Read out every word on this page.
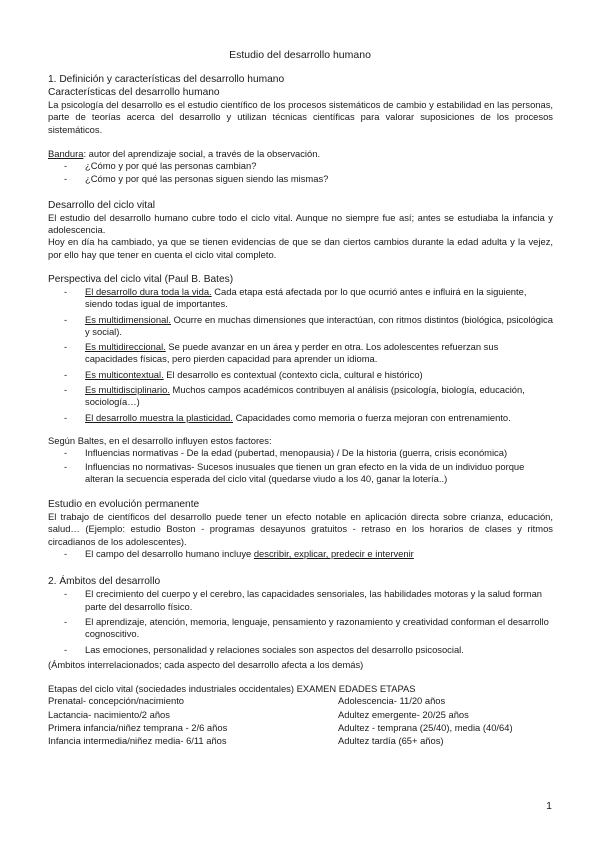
Estudio del desarrollo humano
1. Definición y características del desarrollo humano
Características del desarrollo humano
La psicología del desarrollo es el estudio científico de los procesos sistemáticos de cambio y estabilidad en las personas, parte de teorías acerca del desarrollo y utilizan técnicas científicas para valorar suposiciones de los procesos sistemáticos.
Bandura: autor del aprendizaje social, a través de la observación.
- ¿Cómo y por qué las personas cambian?
- ¿Cómo y por qué las personas siguen siendo las mismas?
Desarrollo del ciclo vital
El estudio del desarrollo humano cubre todo el ciclo vital. Aunque no siempre fue así; antes se estudiaba la infancia y adolescencia.
Hoy en día ha cambiado, ya que se tienen evidencias de que se dan ciertos cambios durante la edad adulta y la vejez, por ello hay que tener en cuenta el ciclo vital completo.
Perspectiva del ciclo vital (Paul B. Bates)
- El desarrollo dura toda la vida. Cada etapa está afectada por lo que ocurrió antes e influirá en la siguiente, siendo todas igual de importantes.
- Es multidimensional. Ocurre en muchas dimensiones que interactúan, con ritmos distintos (biológica, psicológica y social).
- Es multidireccional. Se puede avanzar en un área y perder en otra. Los adolescentes refuerzan sus capacidades físicas, pero pierden capacidad para aprender un idioma.
- Es multicontextual. El desarrollo es contextual (contexto cicla, cultural e histórico)
- Es multidisciplinario. Muchos campos académicos contribuyen al análisis (psicología, biología, educación, sociología…)
- El desarrollo muestra la plasticidad. Capacidades como memoria o fuerza mejoran con entrenamiento.
Según Baltes, en el desarrollo influyen estos factores:
- Influencias normativas - De la edad (pubertad, menopausia) / De la historia (guerra, crisis económica)
- Influencias no normativas- Sucesos inusuales que tienen un gran efecto en la vida de un individuo porque alteran la secuencia esperada del ciclo vital (quedarse viudo a los 40, ganar la lotería..)
Estudio en evolución permanente
El trabajo de científicos del desarrollo puede tener un efecto notable en aplicación directa sobre crianza, educación, salud… (Ejemplo: estudio Boston - programas desayunos gratuitos - retraso en los horarios de clases y ritmos circadianos de los adolescentes).
- El campo del desarrollo humano incluye describir, explicar, predecir e intervenir
2. Ámbitos del desarrollo
- El crecimiento del cuerpo y el cerebro, las capacidades sensoriales, las habilidades motoras y la salud forman parte del desarrollo físico.
- El aprendizaje, atención, memoria, lenguaje, pensamiento y razonamiento y creatividad conforman el desarrollo cognoscitivo.
- Las emociones, personalidad y relaciones sociales son aspectos del desarrollo psicosocial.
(Ámbitos interrelacionados; cada aspecto del desarrollo afecta a los demás)
Etapas del ciclo vital (sociedades industriales occidentales) EXAMEN EDADES ETAPAS
Prenatal- concepción/nacimiento	Adolescencia- 11/20 años
Lactancia- nacimiento/2 años	Adultez emergente- 20/25 años
Primera infancia/niñez temprana - 2/6 años	Adultez - temprana (25/40), media (40/64)
Infancia intermedia/niñez media- 6/11 años	Adultez tardía (65+ años)
1
